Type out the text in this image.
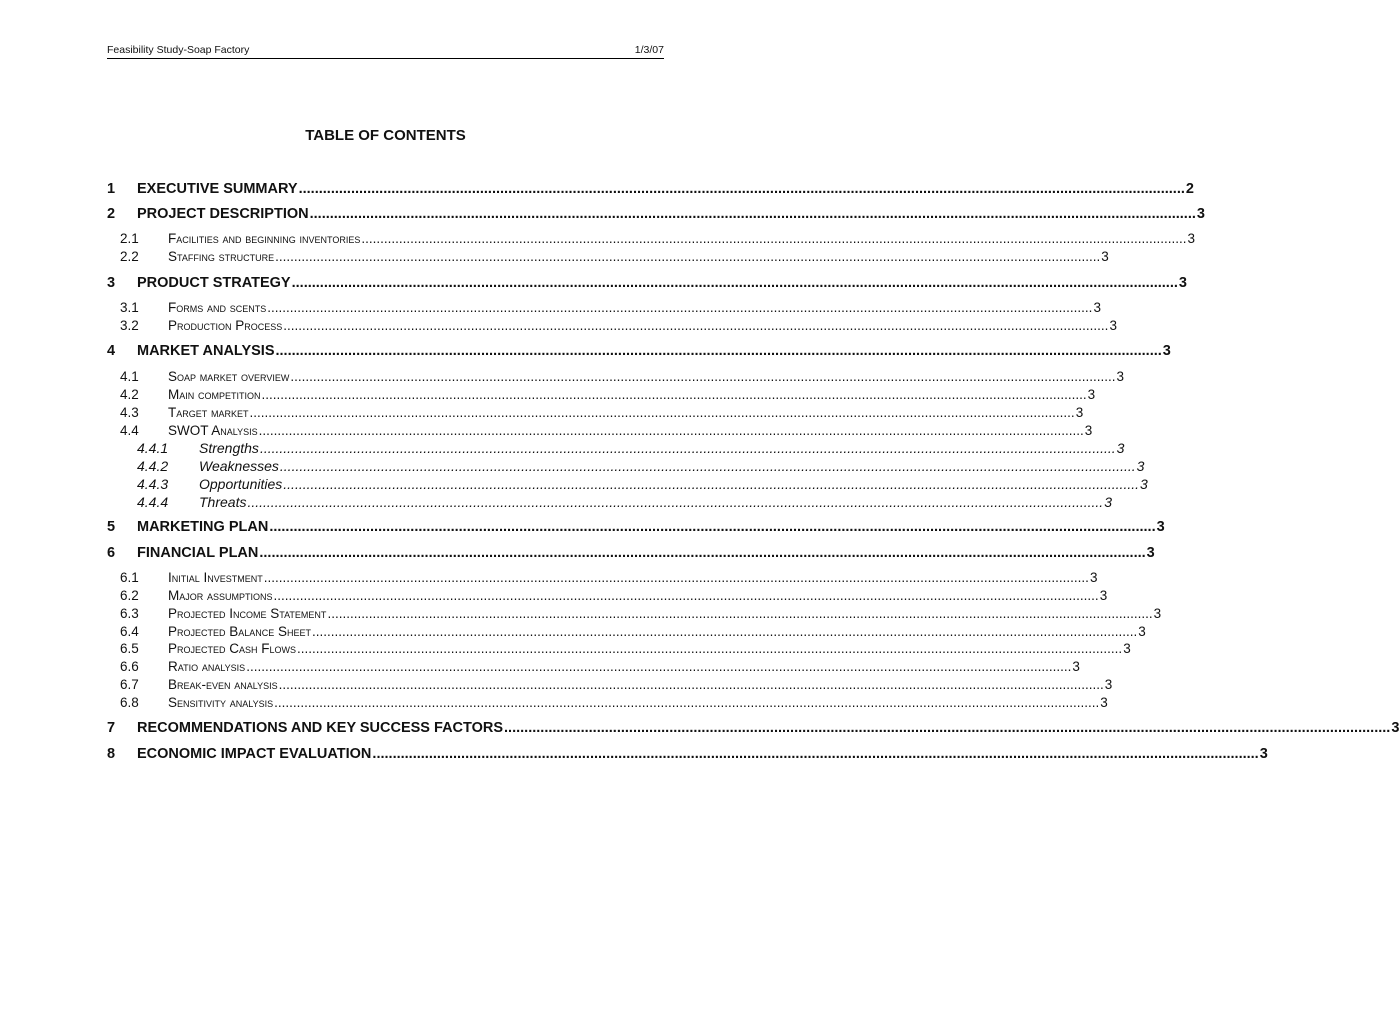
Feasibility Study-Soap Factory	1/3/07
TABLE OF CONTENTS
1	EXECUTIVE SUMMARY ............................................................................................................................................................................................................................ 2
2	PROJECT DESCRIPTION ............................................................................................................................................................................................................................ 3
2.1	Facilities and beginning inventories ............................................................................................................................................................................................................................ 3
2.2	Staffing structure ............................................................................................................................................................................................................................ 3
3	PRODUCT STRATEGY ............................................................................................................................................................................................................................ 3
3.1	Forms and scents ............................................................................................................................................................................................................................ 3
3.2	Production Process ............................................................................................................................................................................................................................ 3
4	MARKET ANALYSIS ............................................................................................................................................................................................................................ 3
4.1	Soap market overview ............................................................................................................................................................................................................................ 3
4.2	Main competition ............................................................................................................................................................................................................................ 3
4.3	Target market ............................................................................................................................................................................................................................ 3
4.4	SWOT Analysis ............................................................................................................................................................................................................................ 3
4.4.1	Strengths ............................................................................................................................................................................................................................ 3
4.4.2	Weaknesses ............................................................................................................................................................................................................................ 3
4.4.3	Opportunities ............................................................................................................................................................................................................................ 3
4.4.4	Threats ............................................................................................................................................................................................................................ 3
5	MARKETING PLAN ............................................................................................................................................................................................................................ 3
6	FINANCIAL PLAN ............................................................................................................................................................................................................................ 3
6.1	Initial Investment ............................................................................................................................................................................................................................ 3
6.2	Major assumptions ............................................................................................................................................................................................................................ 3
6.3	Projected Income Statement ............................................................................................................................................................................................................................ 3
6.4	Projected Balance Sheet ............................................................................................................................................................................................................................ 3
6.5	Projected Cash Flows ............................................................................................................................................................................................................................ 3
6.6	Ratio analysis ............................................................................................................................................................................................................................ 3
6.7	Break-even analysis ............................................................................................................................................................................................................................ 3
6.8	Sensitivity analysis ............................................................................................................................................................................................................................ 3
7	RECOMMENDATIONS AND KEY SUCCESS FACTORS ............................................................................................................................................................................................................................ 3
8	ECONOMIC IMPACT EVALUATION ............................................................................................................................................................................................................................ 3
